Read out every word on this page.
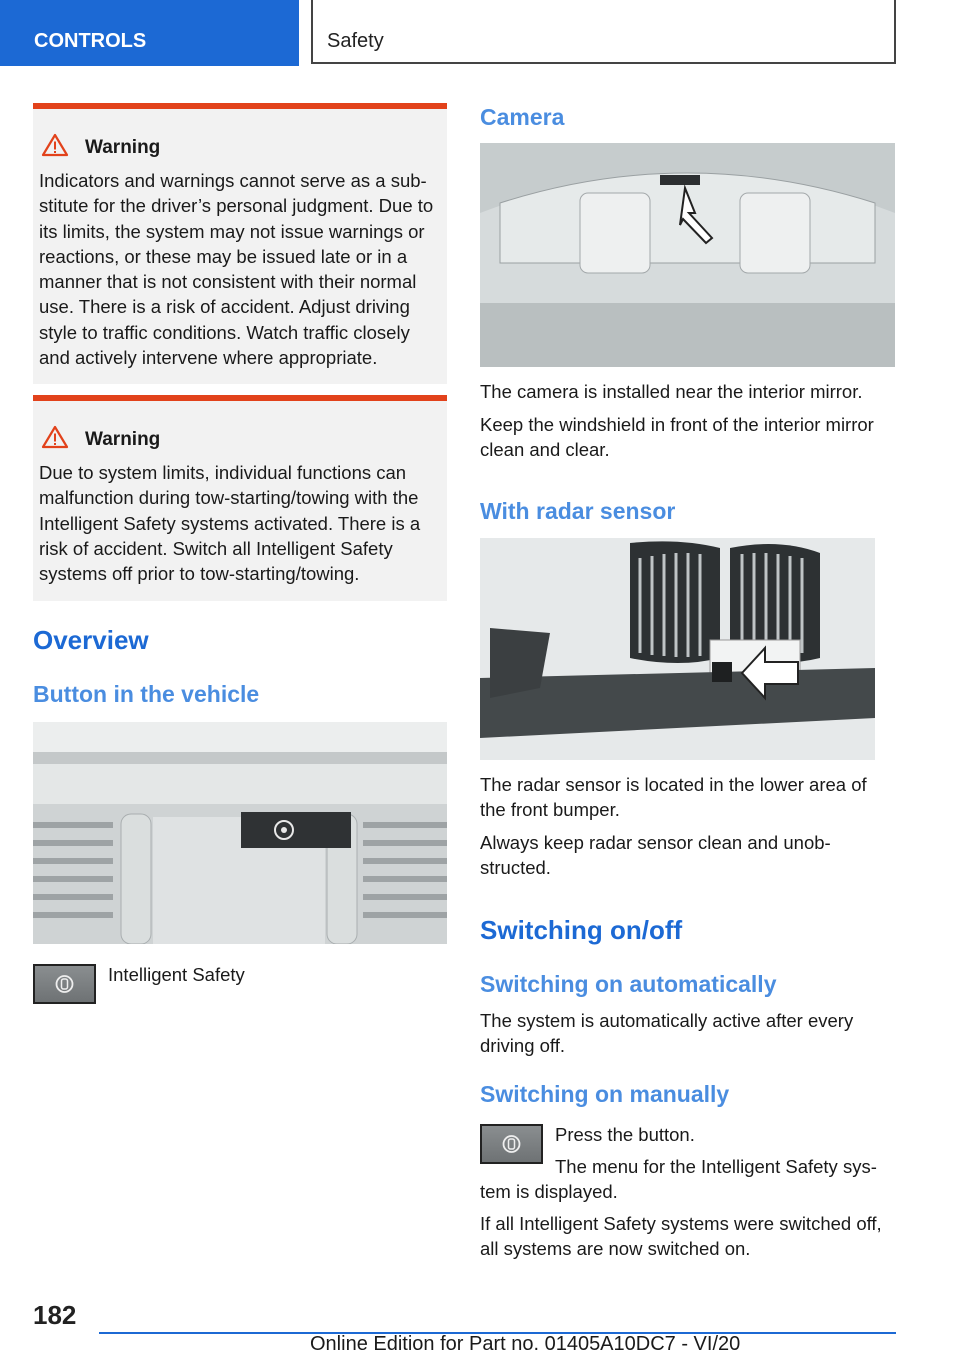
CONTROLS	Safety
Warning
Indicators and warnings cannot serve as a sub-stitute for the driver’s personal judgment. Due to its limits, the system may not issue warnings or reactions, or these may be issued late or in a manner that is not consistent with their normal use. There is a risk of accident. Adjust driving style to traffic conditions. Watch traffic closely and actively intervene where appropriate.
Warning
Due to system limits, individual functions can malfunction during tow-starting/towing with the Intelligent Safety systems activated. There is a risk of accident. Switch all Intelligent Safety systems off prior to tow-starting/towing.
Overview
Button in the vehicle
Intelligent Safety
Camera
The camera is installed near the interior mirror.
Keep the windshield in front of the interior mirror clean and clear.
With radar sensor
The radar sensor is located in the lower area of the front bumper.
Always keep radar sensor clean and unob-structed.
Switching on/off
Switching on automatically
The system is automatically active after every driving off.
Switching on manually
Press the button.
The menu for the Intelligent Safety sys-
tem is displayed.
If all Intelligent Safety systems were switched off, all systems are now switched on.
182
Online Edition for Part no. 01405A10DC7 - VI/20
